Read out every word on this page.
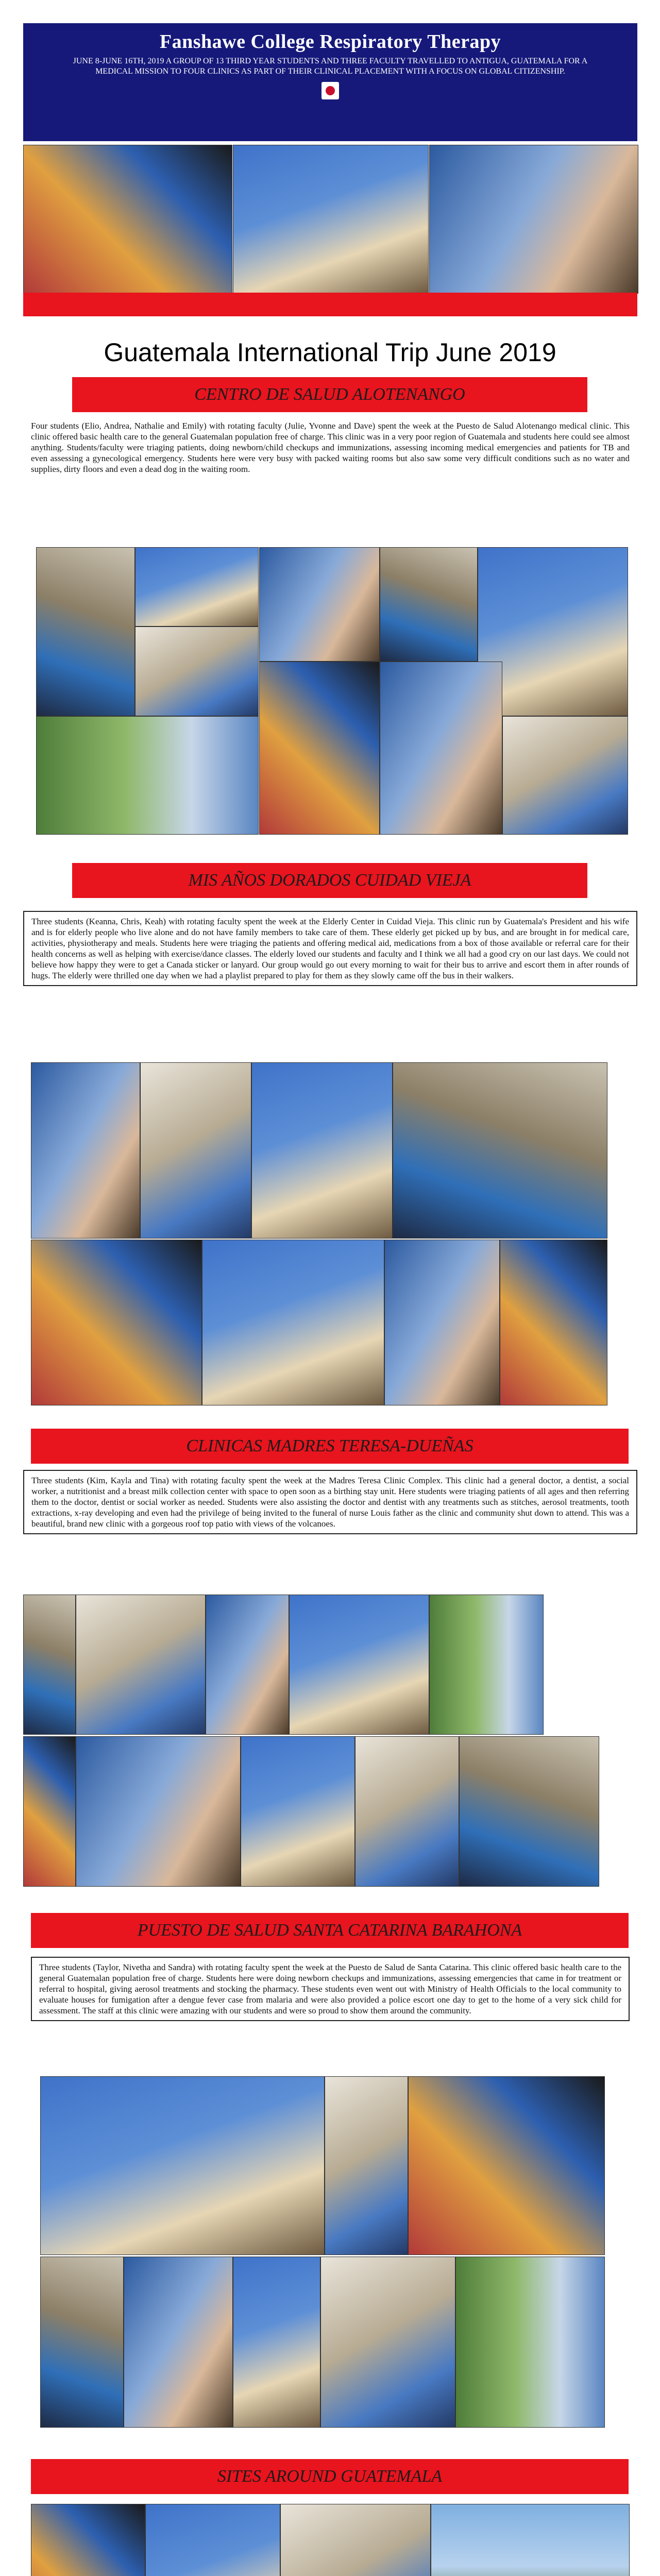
Fanshawe College Respiratory Therapy

JUNE 8-JUNE 16TH, 2019 A GROUP OF 13 THIRD YEAR STUDENTS AND THREE FACULTY TRAVELLED TO ANTIGUA, GUATEMALA FOR A MEDICAL MISSION TO FOUR CLINICS AS PART OF THEIR CLINICAL PLACEMENT WITH A FOCUS ON GLOBAL CITIZENSHIP.

Guatemala International Trip June 2019
CENTRO DE SALUD ALOTENANGO
Four students (Elio, Andrea, Nathalie and Emily) with rotating faculty (Julie, Yvonne and Dave) spent the week at the Puesto de Salud Alotenango medical clinic. This clinic offered basic health care to the general Guatemalan population free of charge. This clinic was in a very poor region of Guatemala and students here could see almost anything. Students/faculty were triaging patients, doing newborn/child checkups and immunizations, assessing incoming medical emergencies and patients for TB and even assessing a gynecological emergency. Students here were very busy with packed waiting rooms but also saw some very difficult conditions such as no water and supplies, dirty floors and even a dead dog in the waiting room.
MIS AÑOS DORADOS CUIDAD VIEJA
Three students (Keanna, Chris, Keah) with rotating faculty spent the week at the Elderly Center in Cuidad Vieja. This clinic run by Guatemala's President and his wife and is for elderly people who live alone and do not have family members to take care of them. These elderly get picked up by bus, and are brought in for medical care, activities, physiotherapy and meals. Students here were triaging the patients and offering medical aid, medications from a box of those available or referral care for their health concerns as well as helping with exercise/dance classes. The elderly loved our students and faculty and I think we all had a good cry on our last days. We could not believe how happy they were to get a Canada sticker or lanyard. Our group would go out every morning to wait for their bus to arrive and escort them in after rounds of hugs. The elderly were thrilled one day when we had a playlist prepared to play for them as they slowly came off the bus in their walkers.
CLINICAS MADRES TERESA-DUEÑAS
Three students (Kim, Kayla and Tina) with rotating faculty spent the week at the Madres Teresa Clinic Complex. This clinic had a general doctor, a dentist, a social worker, a nutritionist and a breast milk collection center with space to open soon as a birthing stay unit. Here students were triaging patients of all ages and then referring them to the doctor, dentist or social worker as needed. Students were also assisting the doctor and dentist with any treatments such as stitches, aerosol treatments, tooth extractions, x-ray developing and even had the privilege of being invited to the funeral of nurse Louis father as the clinic and community shut down to attend. This was a beautiful, brand new clinic with a gorgeous roof top patio with views of the volcanoes.
PUESTO DE SALUD SANTA CATARINA BARAHONA
Three students (Taylor, Nivetha and Sandra) with rotating faculty spent the week at the Puesto de Salud de Santa Catarina. This clinic offered basic health care to the general Guatemalan population free of charge. Students here were doing newborn checkups and immunizations, assessing emergencies that came in for treatment or referral to hospital, giving aerosol treatments and stocking the pharmacy. These students even went out with Ministry of Health Officials to the local community to evaluate houses for fumigation after a dengue fever case from malaria and were also provided a police escort one day to get to the home of a very sick child for assessment. The staff at this clinic were amazing with our students and were so proud to show them around the community.
SITES AROUND GUATEMALA
